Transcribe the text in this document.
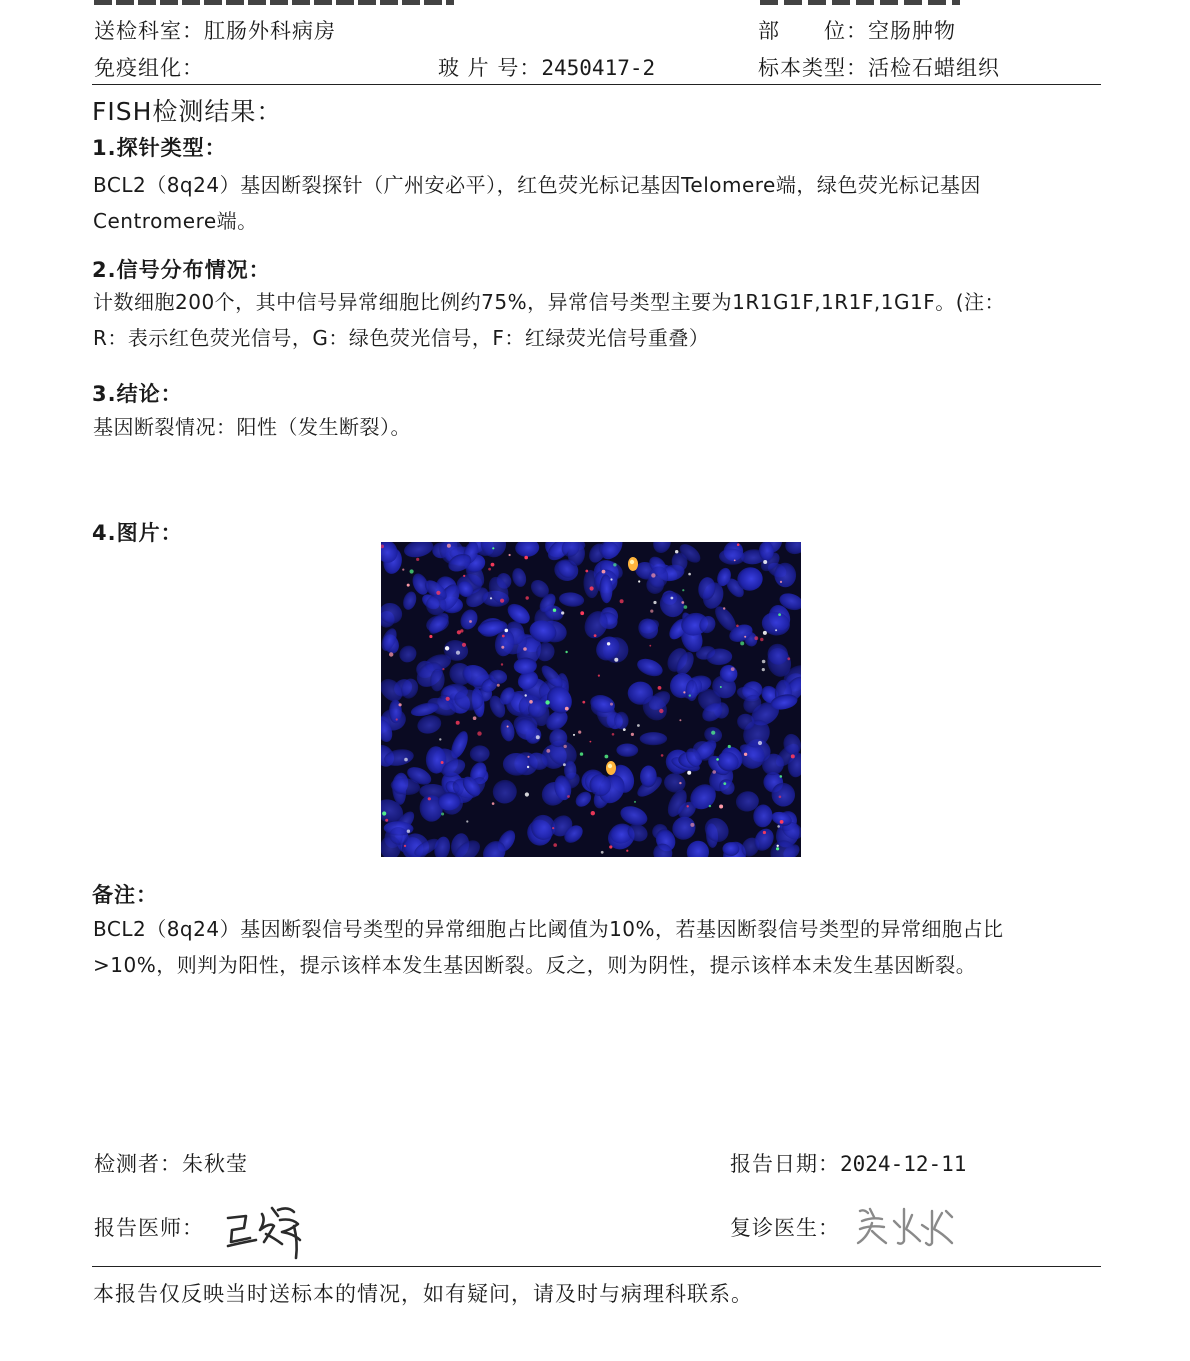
送检科室：肛肠外科病房	部　　位：空肠肿物
免疫组化：	玻 片 号：2450417-2	标本类型：活检石蜡组织
FISH检测结果：
1.探针类型：
BCL2（8q24）基因断裂探针（广州安必平），红色荧光标记基因Telomere端，绿色荧光标记基因
Centromere端。
2.信号分布情况：
计数细胞200个，其中信号异常细胞比例约75%，异常信号类型主要为1R1G1F,1R1F,1G1F。(注：
R：表示红色荧光信号，G：绿色荧光信号，F：红绿荧光信号重叠）
3.结论：
基因断裂情况：阳性（发生断裂）。
4.图片：
备注：
BCL2（8q24）基因断裂信号类型的异常细胞占比阈值为10%，若基因断裂信号类型的异常细胞占比
>10%，则判为阳性，提示该样本发生基因断裂。反之，则为阴性，提示该样本未发生基因断裂。
检测者：朱秋莹	报告日期：2024-12-11
报告医师：	复诊医生：
本报告仅反映当时送标本的情况，如有疑问，请及时与病理科联系。
